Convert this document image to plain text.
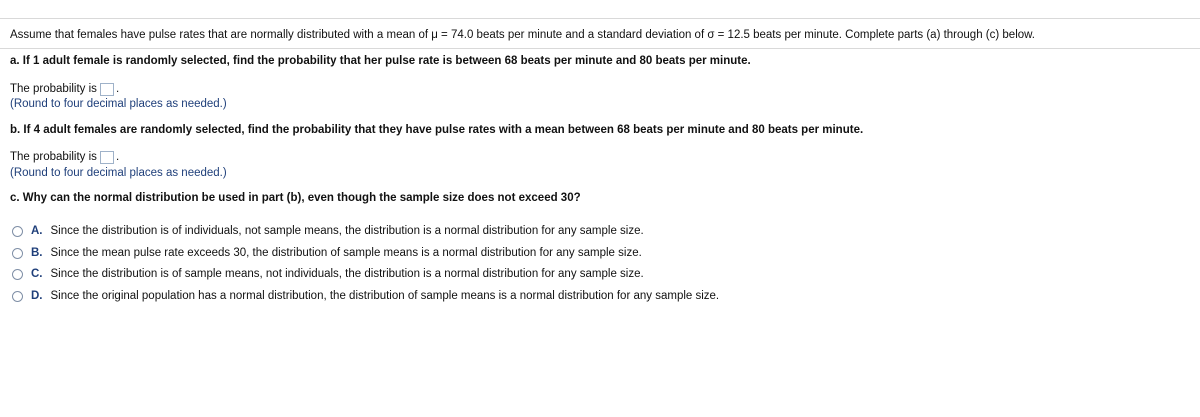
Assume that females have pulse rates that are normally distributed with a mean of μ = 74.0 beats per minute and a standard deviation of σ = 12.5 beats per minute. Complete parts (a) through (c) below.
a. If 1 adult female is randomly selected, find the probability that her pulse rate is between 68 beats per minute and 80 beats per minute.
The probability is .
(Round to four decimal places as needed.)
b. If 4 adult females are randomly selected, find the probability that they have pulse rates with a mean between 68 beats per minute and 80 beats per minute.
The probability is .
(Round to four decimal places as needed.)
c. Why can the normal distribution be used in part (b), even though the sample size does not exceed 30?
A. Since the distribution is of individuals, not sample means, the distribution is a normal distribution for any sample size.
B. Since the mean pulse rate exceeds 30, the distribution of sample means is a normal distribution for any sample size.
C. Since the distribution is of sample means, not individuals, the distribution is a normal distribution for any sample size.
D. Since the original population has a normal distribution, the distribution of sample means is a normal distribution for any sample size.
